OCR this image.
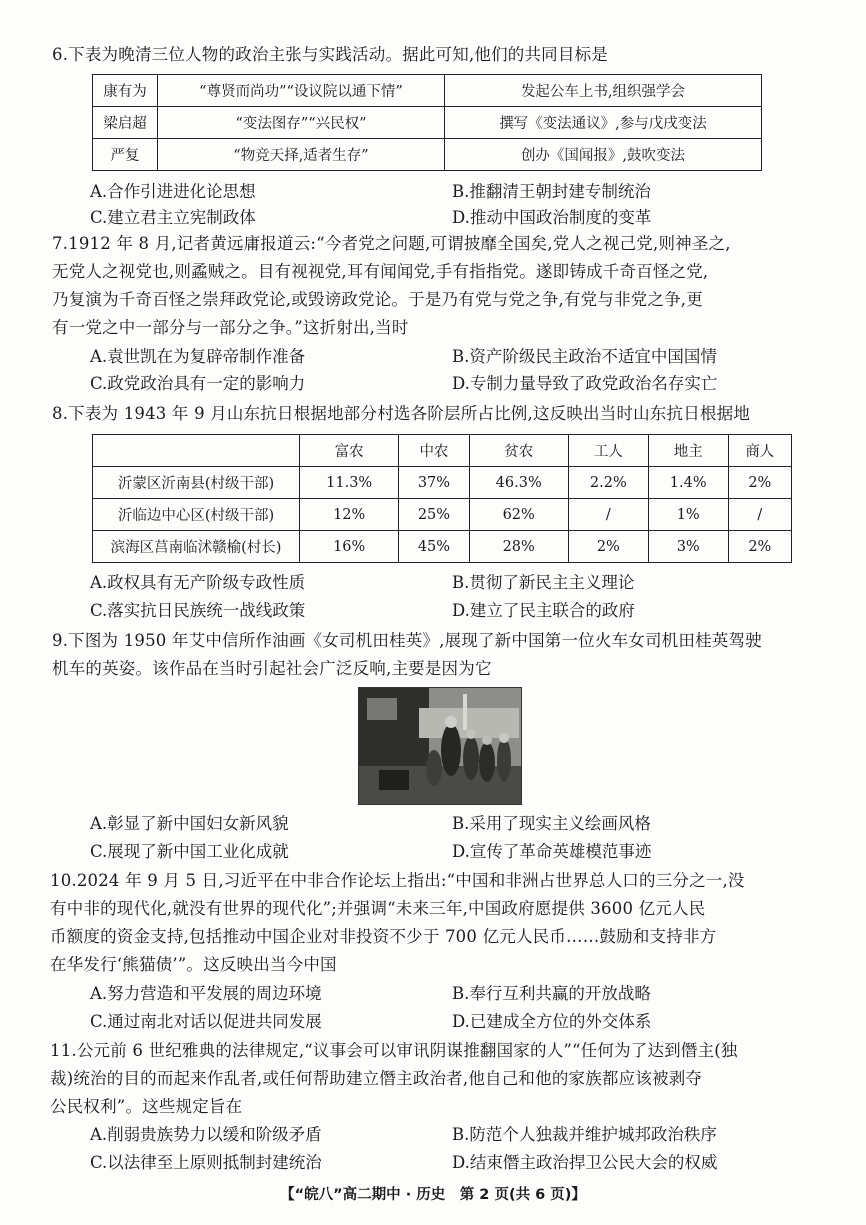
6.下表为晚清三位人物的政治主张与实践活动。据此可知,他们的共同目标是
康有为	“尊贤而尚功”“设议院以通下情”	发起公车上书,组织强学会
梁启超	“变法图存”“兴民权”	撰写《变法通议》,参与戊戌变法
严复	“物竞天择,适者生存”	创办《国闻报》,鼓吹变法
A.合作引进进化论思想	B.推翻清王朝封建专制统治
C.建立君主立宪制政体	D.推动中国政治制度的变革
7.1912 年 8 月,记者黄远庸报道云:“今者党之问题,可谓披靡全国矣,党人之视己党,则神圣之,
无党人之视党也,则蟊贼之。目有视视党,耳有闻闻党,手有指指党。遂即铸成千奇百怪之党,
乃复演为千奇百怪之崇拜政党论,或毁谤政党论。于是乃有党与党之争,有党与非党之争,更
有一党之中一部分与一部分之争。”这折射出,当时
A.袁世凯在为复辟帝制作准备	B.资产阶级民主政治不适宜中国国情
C.政党政治具有一定的影响力	D.专制力量导致了政党政治名存实亡
8.下表为 1943 年 9 月山东抗日根据地部分村选各阶层所占比例,这反映出当时山东抗日根据地
	富农	中农	贫农	工人	地主	商人
沂蒙区沂南县(村级干部)	11.3%	37%	46.3%	2.2%	1.4%	2%
沂临边中心区(村级干部)	12%	25%	62%	/	1%	/
滨海区莒南临沭赣榆(村长)	16%	45%	28%	2%	3%	2%
A.政权具有无产阶级专政性质	B.贯彻了新民主主义理论
C.落实抗日民族统一战线政策	D.建立了民主联合的政府
9.下图为 1950 年艾中信所作油画《女司机田桂英》,展现了新中国第一位火车女司机田桂英驾驶
机车的英姿。该作品在当时引起社会广泛反响,主要是因为它
A.彰显了新中国妇女新风貌	B.采用了现实主义绘画风格
C.展现了新中国工业化成就	D.宣传了革命英雄模范事迹
10.2024 年 9 月 5 日,习近平在中非合作论坛上指出:“中国和非洲占世界总人口的三分之一,没
有中非的现代化,就没有世界的现代化”;并强调“未来三年,中国政府愿提供 3600 亿元人民
币额度的资金支持,包括推动中国企业对非投资不少于 700 亿元人民币……鼓励和支持非方
在华发行‘熊猫债’”。这反映出当今中国
A.努力营造和平发展的周边环境	B.奉行互利共赢的开放战略
C.通过南北对话以促进共同发展	D.已建成全方位的外交体系
11.公元前 6 世纪雅典的法律规定,“议事会可以审讯阴谋推翻国家的人”“任何为了达到僭主(独
裁)统治的目的而起来作乱者,或任何帮助建立僭主政治者,他自己和他的家族都应该被剥夺
公民权利”。这些规定旨在
A.削弱贵族势力以缓和阶级矛盾	B.防范个人独裁并维护城邦政治秩序
C.以法律至上原则抵制封建统治	D.结束僭主政治捍卫公民大会的权威
【“皖八”高二期中 · 历史　第 2 页(共 6 页)】
